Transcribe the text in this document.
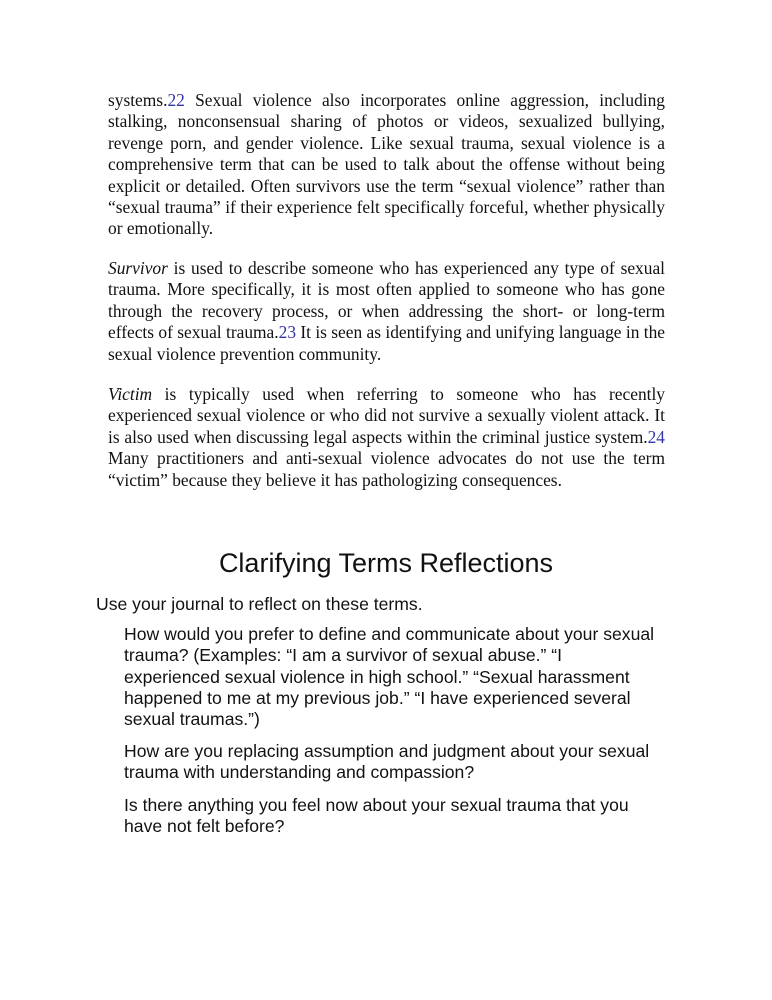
systems.22 Sexual violence also incorporates online aggression, including stalking, nonconsensual sharing of photos or videos, sexualized bullying, revenge porn, and gender violence. Like sexual trauma, sexual violence is a comprehensive term that can be used to talk about the offense without being explicit or detailed. Often survivors use the term “sexual violence” rather than “sexual trauma” if their experience felt specifically forceful, whether physically or emotionally.

Survivor is used to describe someone who has experienced any type of sexual trauma. More specifically, it is most often applied to someone who has gone through the recovery process, or when addressing the short- or long-term effects of sexual trauma.23 It is seen as identifying and unifying language in the sexual violence prevention community.

Victim is typically used when referring to someone who has recently experienced sexual violence or who did not survive a sexually violent attack. It is also used when discussing legal aspects within the criminal justice system.24 Many practitioners and anti-sexual violence advocates do not use the term “victim” because they believe it has pathologizing consequences.

Clarifying Terms Reflections

Use your journal to reflect on these terms.

How would you prefer to define and communicate about your sexual trauma? (Examples: “I am a survivor of sexual abuse.” “I experienced sexual violence in high school.” “Sexual harassment happened to me at my previous job.” “I have experienced several sexual traumas.”)

How are you replacing assumption and judgment about your sexual trauma with understanding and compassion?

Is there anything you feel now about your sexual trauma that you have not felt before?
